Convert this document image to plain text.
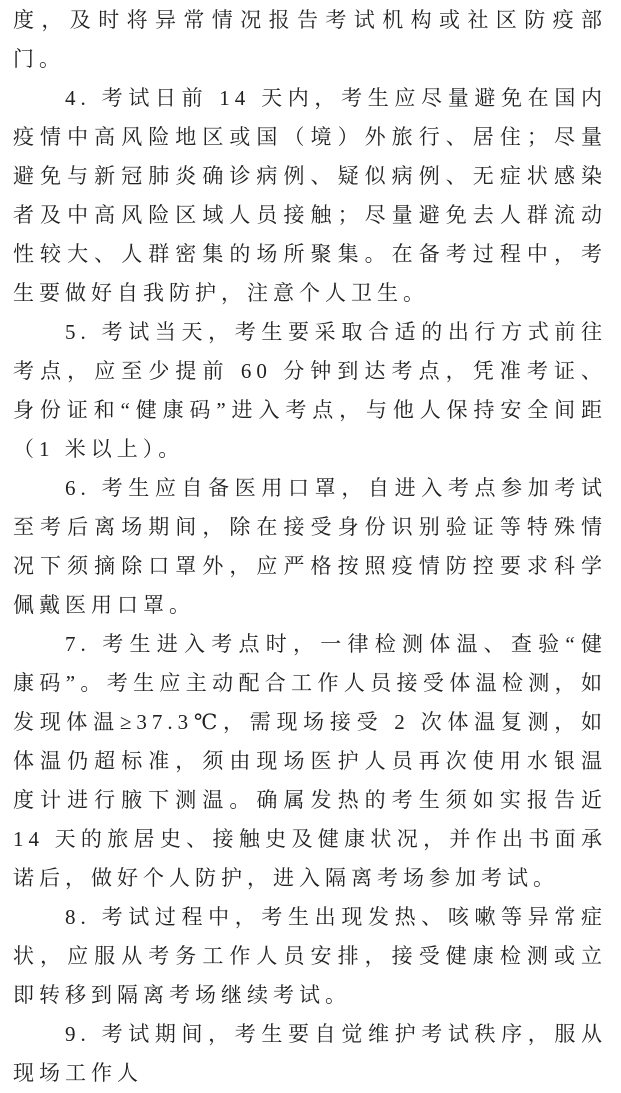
度，及时将异常情况报告考试机构或社区防疫部门。

4. 考试日前 14 天内，考生应尽量避免在国内疫情中高风险地区或国（境）外旅行、居住；尽量避免与新冠肺炎确诊病例、疑似病例、无症状感染者及中高风险区域人员接触；尽量避免去人群流动性较大、人群密集的场所聚集。在备考过程中，考生要做好自我防护，注意个人卫生。

5. 考试当天，考生要采取合适的出行方式前往考点，应至少提前 60 分钟到达考点，凭准考证、身份证和“健康码”进入考点，与他人保持安全间距（1 米以上）。

6. 考生应自备医用口罩，自进入考点参加考试至考后离场期间，除在接受身份识别验证等特殊情况下须摘除口罩外，应严格按照疫情防控要求科学佩戴医用口罩。

7. 考生进入考点时，一律检测体温、查验“健康码”。考生应主动配合工作人员接受体温检测，如发现体温≥37.3℃，需现场接受 2 次体温复测，如体温仍超标准，须由现场医护人员再次使用水银温度计进行腋下测温。确属发热的考生须如实报告近 14 天的旅居史、接触史及健康状况，并作出书面承诺后，做好个人防护，进入隔离考场参加考试。

8. 考试过程中，考生出现发热、咳嗽等异常症状，应服从考务工作人员安排，接受健康检测或立即转移到隔离考场继续考试。

9. 考试期间，考生要自觉维护考试秩序，服从现场工作人
